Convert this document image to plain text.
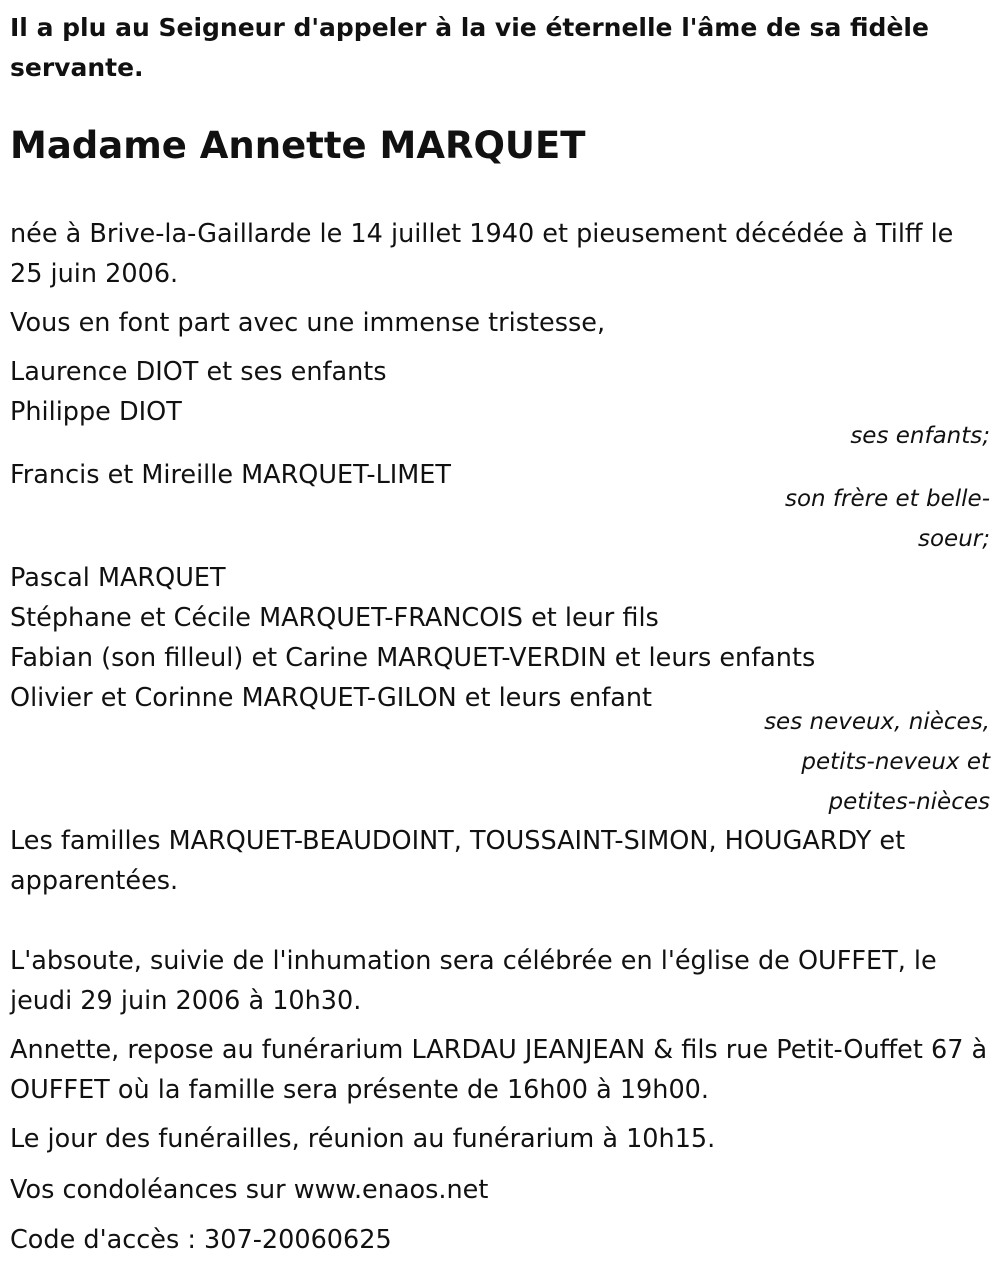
Il a plu au Seigneur d'appeler à la vie éternelle l'âme de sa fidèle servante.
Madame Annette MARQUET
née à Brive-la-Gaillarde le 14 juillet 1940 et pieusement décédée à Tilff le 25 juin 2006.
Vous en font part avec une immense tristesse,
Laurence DIOT et ses enfants
Philippe DIOT
ses enfants;
Francis et Mireille MARQUET-LIMET
son frère et belle-
soeur;
Pascal MARQUET
Stéphane et Cécile MARQUET-FRANCOIS et leur fils
Fabian (son filleul) et Carine MARQUET-VERDIN et leurs enfants
Olivier et Corinne MARQUET-GILON et leurs enfant
ses neveux, nièces,
petits-neveux et
petites-nièces
Les familles MARQUET-BEAUDOINT, TOUSSAINT-SIMON, HOUGARDY et apparentées.
L'absoute, suivie de l'inhumation sera célébrée en l'église de OUFFET, le jeudi 29 juin 2006 à 10h30.
Annette, repose au funérarium LARDAU JEANJEAN & fils rue Petit-Ouffet 67 à OUFFET où la famille sera présente de 16h00 à 19h00.
Le jour des funérailles, réunion au funérarium à 10h15.
Vos condoléances sur www.enaos.net
Code d'accès : 307-20060625
